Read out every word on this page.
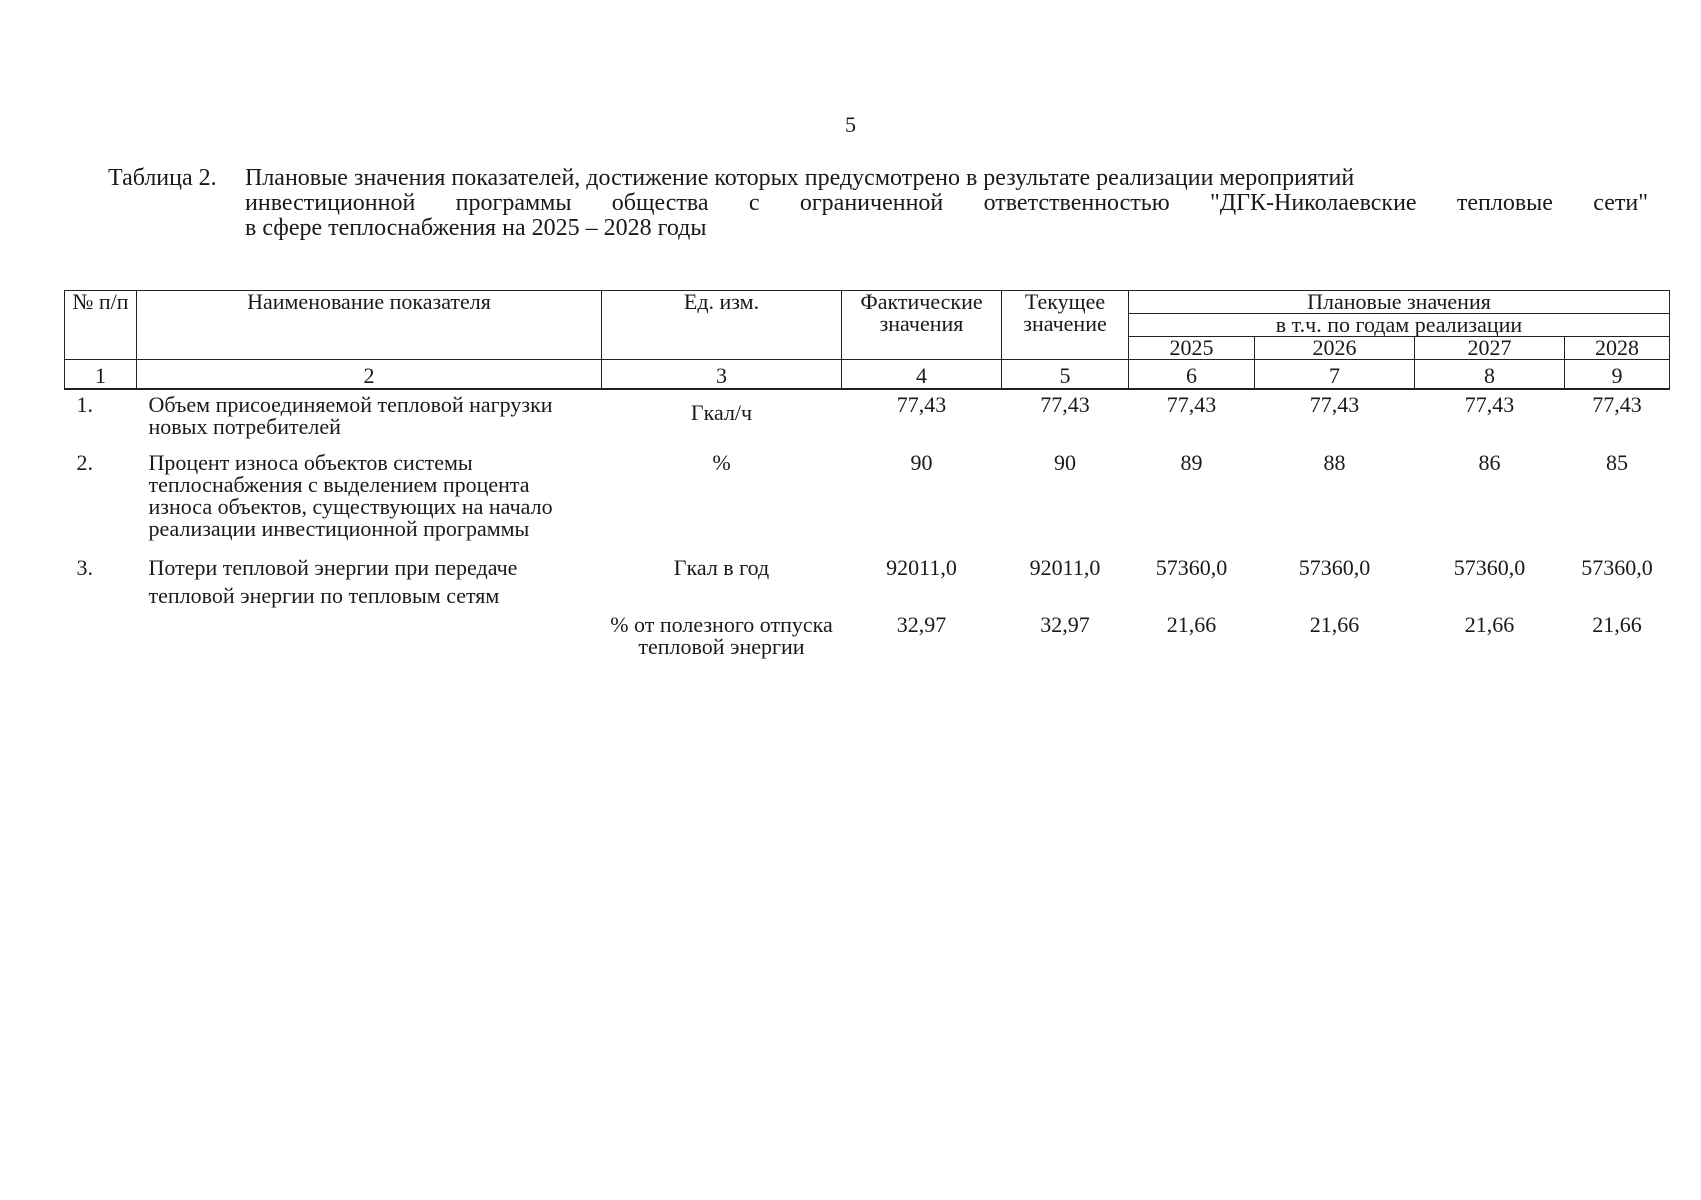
5
Таблица 2. Плановые значения показателей, достижение которых предусмотрено в результате реализации мероприятий
инвестиционной программы общества с ограниченной ответственностью "ДГК-Николаевские тепловые сети"
в сфере теплоснабжения на 2025 – 2028 годы
№ п/п	Наименование показателя	Ед. изм.	Фактические значения	Текущее значение	Плановые значения			
					в т.ч. по годам реализации			
					2025	2026	2027	2028
1	2	3	4	5	6	7	8	9
1.	Объем присоединяемой тепловой нагрузки новых потребителей	Гкал/ч	77,43	77,43	77,43	77,43	77,43	77,43
2.	Процент износа объектов системы теплоснабжения с выделением процента износа объектов, существующих на начало реализации инвестиционной программы	%	90	90	89	88	86	85
3.	Потери тепловой энергии при передаче тепловой энергии по тепловым сетям	Гкал в год	92011,0	92011,0	57360,0	57360,0	57360,0	57360,0
		% от полезного отпуска тепловой энергии	32,97	32,97	21,66	21,66	21,66	21,66
